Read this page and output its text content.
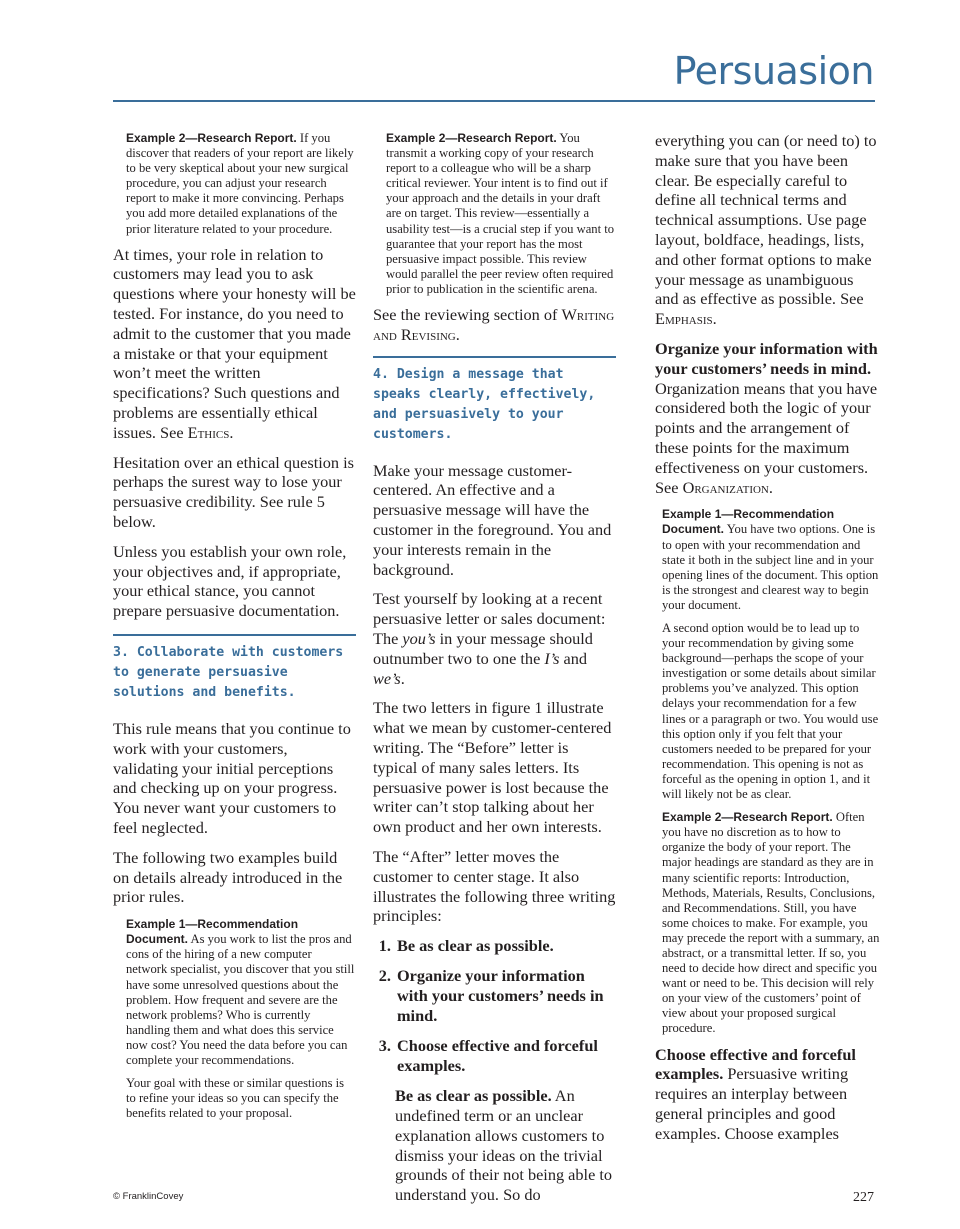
Persuasion

Example 2—Research Report. If you discover that readers of your report are likely to be very skeptical about your new surgical procedure, you can adjust your research report to make it more convincing. Perhaps you add more detailed explanations of the prior literature related to your procedure.

At times, your role in relation to customers may lead you to ask questions where your honesty will be tested. For instance, do you need to admit to the customer that you made a mistake or that your equipment won’t meet the written specifications? Such questions and problems are essentially ethical issues. See Ethics.

Hesitation over an ethical question is perhaps the surest way to lose your persuasive credibility. See rule 5 below.

Unless you establish your own role, your objectives and, if appropriate, your ethical stance, you cannot prepare persuasive documentation.

3. Collaborate with customers to generate persuasive solutions and benefits.

This rule means that you continue to work with your customers, validating your initial perceptions and checking up on your progress. You never want your customers to feel neglected.

The following two examples build on details already introduced in the prior rules.

Example 1—Recommendation Document. As you work to list the pros and cons of the hiring of a new computer network specialist, you discover that you still have some unresolved questions about the problem. How frequent and severe are the network problems? Who is currently handling them and what does this service now cost? You need the data before you can complete your recommendations.

Your goal with these or similar questions is to refine your ideas so you can specify the benefits related to your proposal.

Example 2—Research Report. You transmit a working copy of your research report to a colleague who will be a sharp critical reviewer. Your intent is to find out if your approach and the details in your draft are on target. This review—essentially a usability test—is a crucial step if you want to guarantee that your report has the most persuasive impact possible. This review would parallel the peer review often required prior to publication in the scientific arena.

See the reviewing section of Writing and Revising.

4. Design a message that speaks clearly, effectively, and persuasively to your customers.

Make your message customer-centered. An effective and a persuasive message will have the customer in the foreground. You and your interests remain in the background.

Test yourself by looking at a recent persuasive letter or sales document: The you’s in your message should outnumber two to one the I’s and we’s.

The two letters in figure 1 illustrate what we mean by customer-centered writing. The “Before” letter is typical of many sales letters. Its persuasive power is lost because the writer can’t stop talking about her own product and her own interests.

The “After” letter moves the customer to center stage. It also illustrates the following three writing principles:

1. Be as clear as possible.
2. Organize your information with your customers’ needs in mind.
3. Choose effective and forceful examples.

Be as clear as possible. An undefined term or an unclear explanation allows customers to dismiss your ideas on the trivial grounds of their not being able to understand you. So do

everything you can (or need to) to make sure that you have been clear. Be especially careful to define all technical terms and technical assumptions. Use page layout, boldface, headings, lists, and other format options to make your message as unambiguous and as effective as possible. See Emphasis.

Organize your information with your customers’ needs in mind. Organization means that you have considered both the logic of your points and the arrangement of these points for the maximum effectiveness on your customers. See Organization.

Example 1—Recommendation Document. You have two options. One is to open with your recommendation and state it both in the subject line and in your opening lines of the document. This option is the strongest and clearest way to begin your document.

A second option would be to lead up to your recommendation by giving some background—perhaps the scope of your investigation or some details about similar problems you’ve analyzed. This option delays your recommendation for a few lines or a paragraph or two. You would use this option only if you felt that your customers needed to be prepared for your recommendation. This opening is not as forceful as the opening in option 1, and it will likely not be as clear.

Example 2—Research Report. Often you have no discretion as to how to organize the body of your report. The major headings are standard as they are in many scientific reports: Introduction, Methods, Materials, Results, Conclusions, and Recommendations. Still, you have some choices to make. For example, you may precede the report with a summary, an abstract, or a transmittal letter. If so, you need to decide how direct and specific you want or need to be. This decision will rely on your view of the customers’ point of view about your proposed surgical procedure.

Choose effective and forceful examples. Persuasive writing requires an interplay between general principles and good examples. Choose examples

© FranklinCovey	227
